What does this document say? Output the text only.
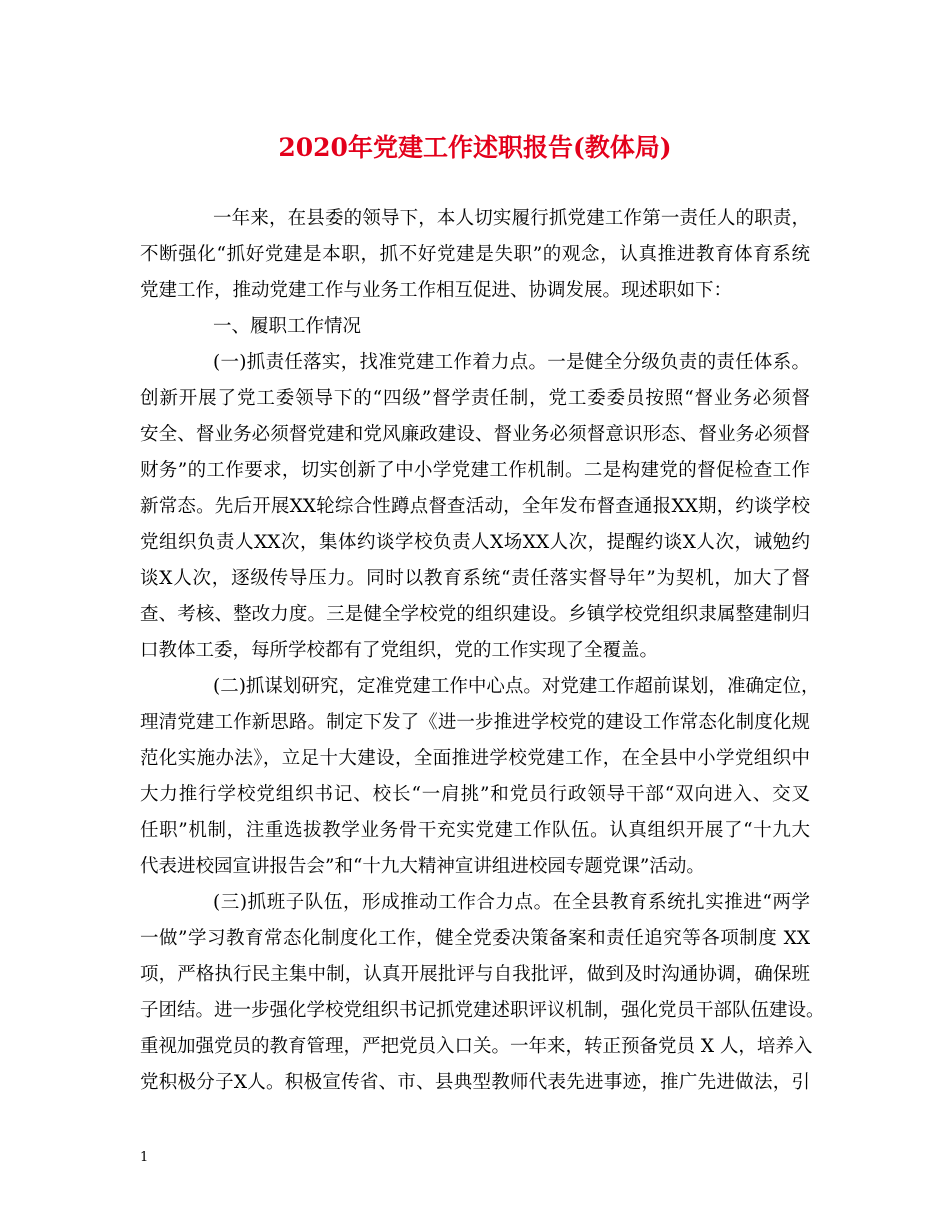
2020年党建工作述职报告(教体局)
一年来，在县委的领导下，本人切实履行抓党建工作第一责任人的职责，
不断强化“抓好党建是本职，抓不好党建是失职”的观念，认真推进教育体育系统
党建工作，推动党建工作与业务工作相互促进、协调发展。现述职如下：
一、履职工作情况
(一)抓责任落实，找准党建工作着力点。一是健全分级负责的责任体系。
创新开展了党工委领导下的“四级”督学责任制，党工委委员按照“督业务必须督
安全、督业务必须督党建和党风廉政建设、督业务必须督意识形态、督业务必须督
财务”的工作要求，切实创新了中小学党建工作机制。二是构建党的督促检查工作
新常态。先后开展XX轮综合性蹲点督查活动，全年发布督查通报XX期，约谈学校
党组织负责人XX次，集体约谈学校负责人X场XX人次，提醒约谈X人次，诫勉约
谈X人次，逐级传导压力。同时以教育系统“责任落实督导年”为契机，加大了督
查、考核、整改力度。三是健全学校党的组织建设。乡镇学校党组织隶属整建制归
口教体工委，每所学校都有了党组织，党的工作实现了全覆盖。
(二)抓谋划研究，定准党建工作中心点。对党建工作超前谋划，准确定位，
理清党建工作新思路。制定下发了《进一步推进学校党的建设工作常态化制度化规
范化实施办法》，立足十大建设，全面推进学校党建工作，在全县中小学党组织中
大力推行学校党组织书记、校长“一肩挑”和党员行政领导干部“双向进入、交叉
任职”机制，注重选拔教学业务骨干充实党建工作队伍。认真组织开展了“十九大
代表进校园宣讲报告会”和“十九大精神宣讲组进校园专题党课”活动。
(三)抓班子队伍，形成推动工作合力点。在全县教育系统扎实推进“两学
一做”学习教育常态化制度化工作，健全党委决策备案和责任追究等各项制度 XX
项，严格执行民主集中制，认真开展批评与自我批评，做到及时沟通协调，确保班
子团结。进一步强化学校党组织书记抓党建述职评议机制，强化党员干部队伍建设。
重视加强党员的教育管理，严把党员入口关。一年来，转正预备党员 X 人，培养入
党积极分子X人。积极宣传省、市、县典型教师代表先进事迹，推广先进做法，引
1
